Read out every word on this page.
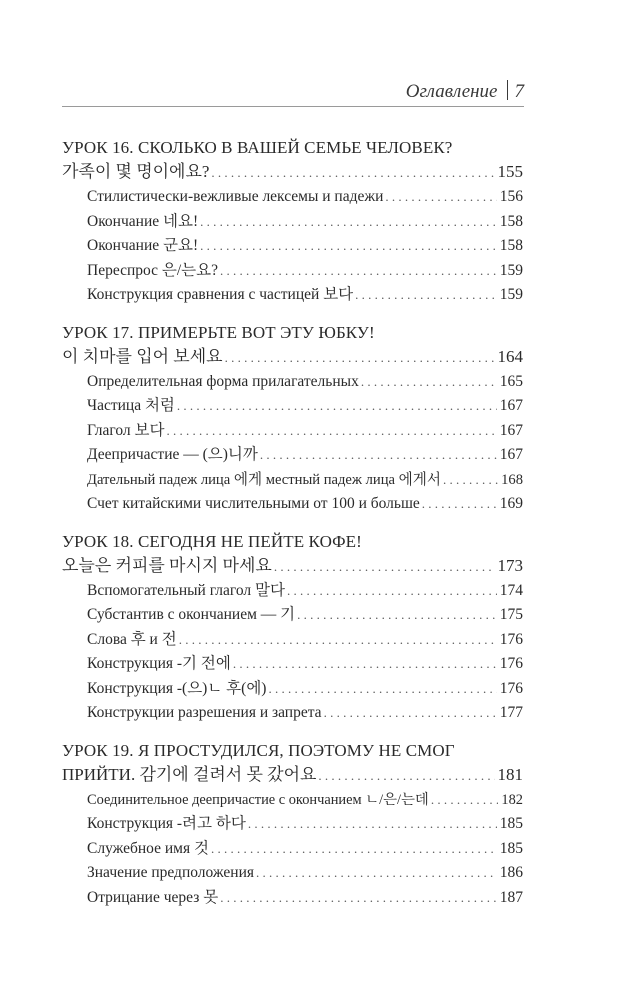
Оглавление 7
УРОК 16. СКОЛЬКО В ВАШЕЙ СЕМЬЕ ЧЕЛОВЕК?
가족이 몇 명이에요? . . .	155
Стилистически-вежливые лексемы и падежи . . .	156
Окончание 네요! . . .	158
Окончание 군요! . . .	158
Переспрос 은/는요? . . .	159
Конструкция сравнения с частицей 보다 . . .	159
УРОК 17. ПРИМЕРЬТЕ ВОТ ЭТУ ЮБКУ!
이 치마를 입어 보세요 . . .	164
Определительная форма прилагательных . . .	165
Частица 처럼 . . .	167
Глагол 보다 . . .	167
Деепричастие — (으)니까 . . .	167
Дательный падеж лица 에게 местный падеж лица 에게서 . . .	168
Счет китайскими числительными от 100 и больше . . .	169
УРОК 18. СЕГОДНЯ НЕ ПЕЙТЕ КОФЕ!
오늘은 커피를 마시지 마세요 . . .	173
Вспомогательный глагол 말다 . . .	174
Субстантив с окончанием — 기 . . .	175
Слова 후 и 전 . . .	176
Конструкция -기 전에 . . .	176
Конструкция -(으)ㄴ 후(에) . . .	176
Конструкции разрешения и запрета . . .	177
УРОК 19. Я ПРОСТУДИЛСЯ, ПОЭТОМУ НЕ СМОГ
ПРИЙТИ. 감기에 걸려서 못 갔어요 . . .	181
Соединительное деепричастие с окончанием ㄴ/은/는데 . . .	182
Конструкция -려고 하다 . . .	185
Служебное имя 것 . . .	185
Значение предположения . . .	186
Отрицание через 못 . . .	187
